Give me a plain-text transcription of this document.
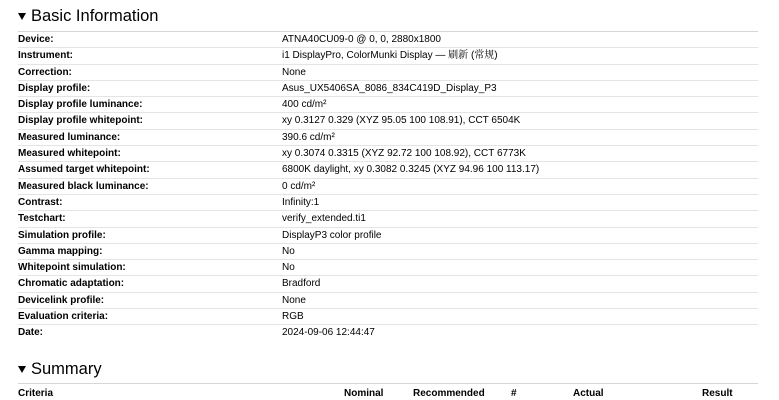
Basic Information
Device:	ATNA40CU09-0 @ 0, 0, 2880x1800
Instrument:	i1 DisplayPro, ColorMunki Display — 刷新 (常规)
Correction:	None
Display profile:	Asus_UX5406SA_8086_834C419D_Display_P3
Display profile luminance:	400 cd/m²
Display profile whitepoint:	xy 0.3127 0.329 (XYZ 95.05 100 108.91), CCT 6504K
Measured luminance:	390.6 cd/m²
Measured whitepoint:	xy 0.3074 0.3315 (XYZ 92.72 100 108.92), CCT 6773K
Assumed target whitepoint:	6800K daylight, xy 0.3082 0.3245 (XYZ 94.96 100 113.17)
Measured black luminance:	0 cd/m²
Contrast:	Infinity:1
Testchart:	verify_extended.ti1
Simulation profile:	DisplayP3 color profile
Gamma mapping:	No
Whitepoint simulation:	No
Chromatic adaptation:	Bradford
Devicelink profile:	None
Evaluation criteria:	RGB
Date:	2024-09-06 12:44:47
Summary
Criteria	Nominal	Recommended	#	Actual	Result
